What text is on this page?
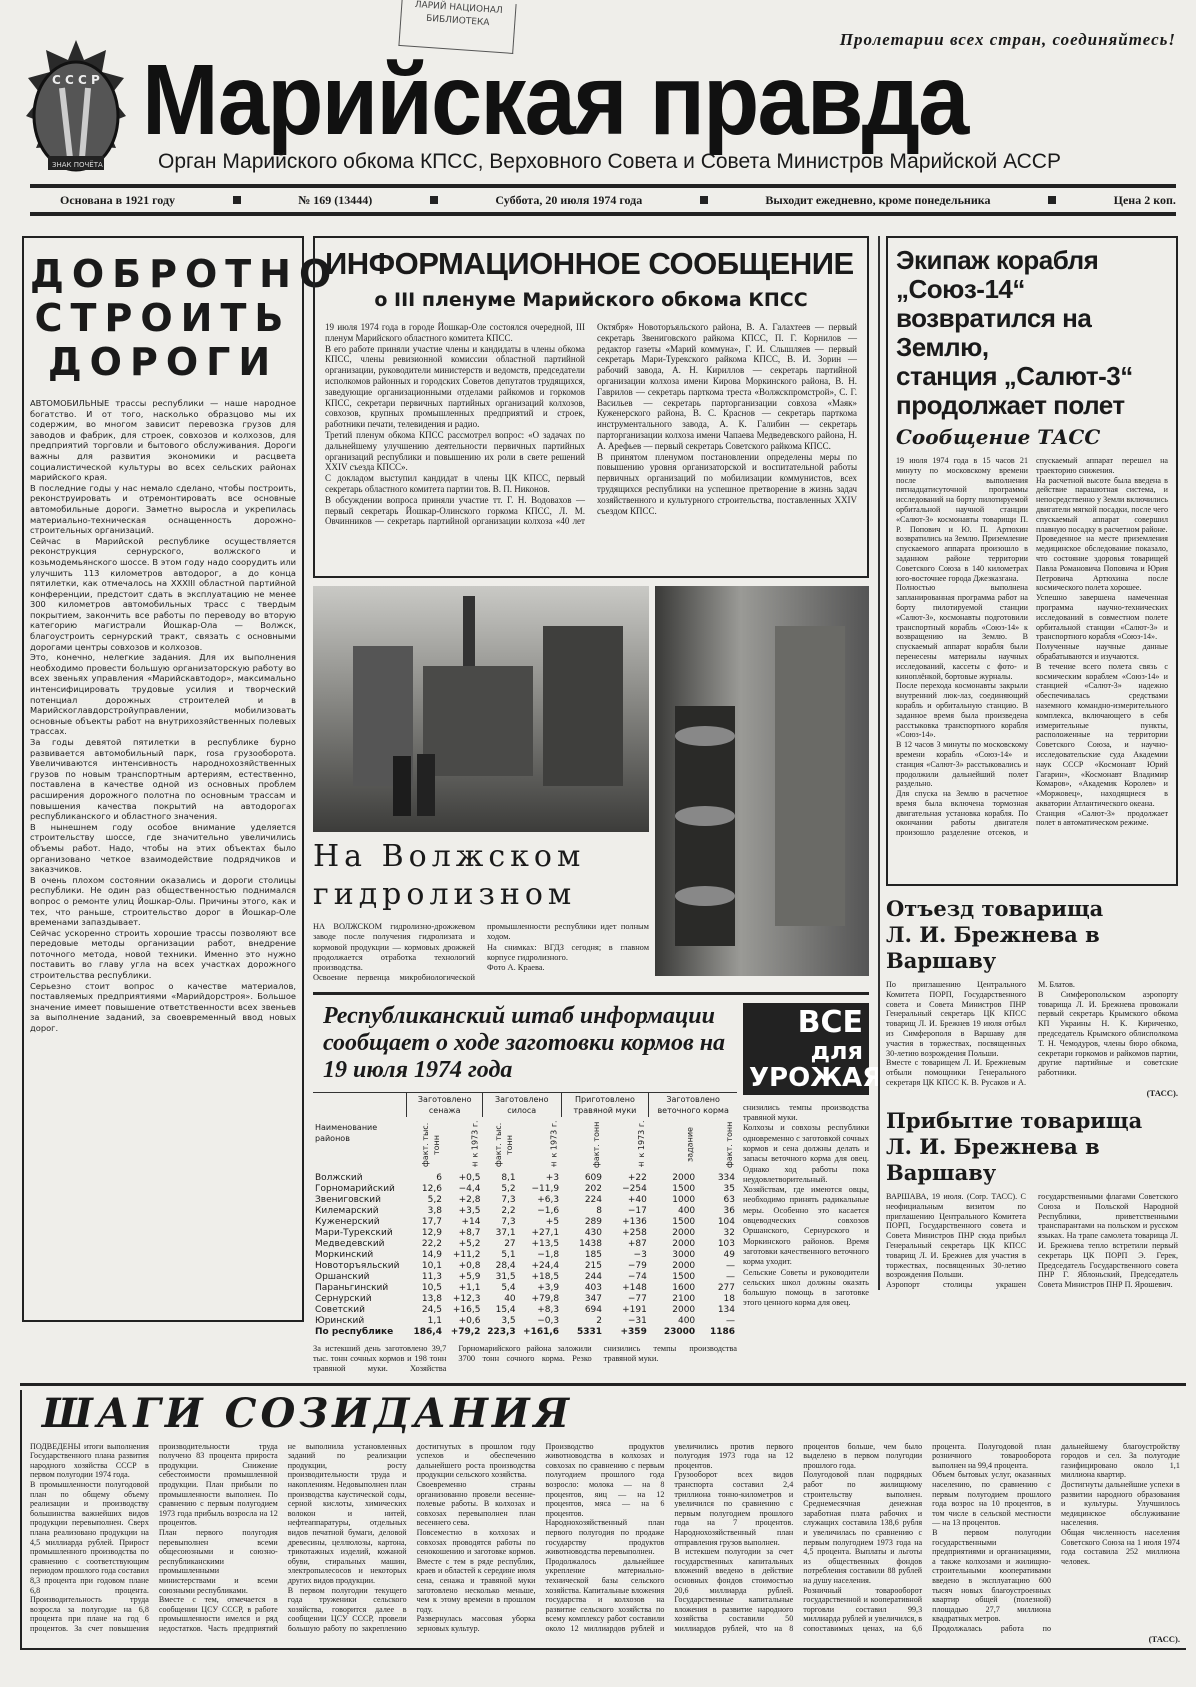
ЛАРИЙ НАЦИОНАЛ БИБЛИОТЕКА
Пролетарии всех стран, соединяйтесь!
С С С Р
ЗНАК ПОЧЁТА
Марийская правда
Орган Марийского обкома КПСС, Верховного Совета и Совета Министров Марийской АССР
Основана в 1921 году	№ 169 (13444)	Суббота, 20 июля 1974 года	Выходит ежедневно, кроме понедельника	Цена 2 коп.
ДОБРОТНО
СТРОИТЬ
ДОРОГИ
АВТОМОБИЛЬНЫЕ трассы республики — наше народное богатство. И от того, насколько образцово мы их содержим, во многом зависит перевозка грузов для заводов и фабрик, для строек, совхозов и колхозов, для предприятий торговли и бытового обслуживания. Дороги важны для развития экономики и расцвета социалистической культуры во всех сельских районах марийского края.
В последние годы у нас немало сделано, чтобы построить, реконструировать и отремонтировать все основные автомобильные дороги. Заметно выросла и укрепилась материально-техническая оснащенность дорожно-строительных организаций.
Сейчас в Марийской республике осуществляется реконструкция сернурского, волжского и козьмодемьянского шоссе. В этом году надо соорудить или улучшить 113 километров автодорог, а до конца пятилетки, как отмечалось на XXXIII областной партийной конференции, предстоит сдать в эксплуатацию не менее 300 километров автомобильных трасс с твердым покрытием, закончить все работы по переводу во вторую категорию магистрали Йошкар-Ола — Волжск, благоустроить сернурский тракт, связать с основными дорогами центры совхозов и колхозов.
Это, конечно, нелегкие задания. Для их выполнения необходимо провести большую организаторскую работу во всех звеньях управления «Марийскавтодор», максимально интенсифицировать трудовые усилия и творческий потенциал дорожных строителей и в Марийскоглавдорстройуправлении, мобилизовать основные объекты работ на внутрихозяйственных полевых трассах.
За годы девятой пятилетки в республике бурно развивается автомобильный парк, rosa грузооборота. Увеличиваются интенсивность народнохозяйственных грузов по новым транспортным артериям, естественно, поставлена в качестве одной из основных проблем расширения дорожного полотна по основным трассам и повышения качества покрытий на автодорогах республиканского и областного значения.
В нынешнем году особое внимание уделяется строительству шоссе, где значительно увеличились объемы работ. Надо, чтобы на этих объектах было организовано четкое взаимодействие подрядчиков и заказчиков.
В очень плохом состоянии оказались и дороги столицы республики. Не один раз общественностью поднимался вопрос о ремонте улиц Йошкар-Олы. Причины этого, как и тех, что раньше, строительство дорог в Йошкар-Оле временами запаздывает.
Сейчас ускоренно строить хорошие трассы позволяют все передовые методы организации работ, внедрение поточного метода, новой техники. Именно это нужно поставить во главу угла на всех участках дорожного строительства республики.
Серьезно стоит вопрос о качестве материалов, поставляемых предприятиями «Марийдорстроя». Большое значение имеет повышение ответственности всех звеньев за выполнение заданий, за своевременный ввод новых дорог.
ИНФОРМАЦИОННОЕ СООБЩЕНИЕ
о III пленуме Марийского обкома КПСС
19 июля 1974 года в городе Йошкар-Оле состоялся очередной, III пленум Марийского областного комитета КПСС.
В его работе приняли участие члены и кандидаты в члены обкома КПСС, члены ревизионной комиссии областной партийной организации, руководители министерств и ведомств, председатели исполкомов районных и городских Советов депутатов трудящихся, заведующие организационными отделами райкомов и горкомов КПСС, секретари первичных партийных организаций колхозов, совхозов, крупных промышленных предприятий и строек, работники печати, телевидения и радио.
Третий пленум обкома КПСС рассмотрел вопрос: «О задачах по дальнейшему улучшению деятельности первичных партийных организаций республики и повышению их роли в свете решений XXIV съезда КПСС».
С докладом выступил кандидат в члены ЦК КПСС, первый секретарь областного комитета партии тов. В. П. Никонов.
В обсуждении вопроса приняли участие тт. Г. Н. Водовахов — первый секретарь Йошкар-Олинского горкома КПСС, Л. М. Овчинников — секретарь партийной организации колхоза «40 лет Октября» Новоторъяльского района, В. А. Галахтеев — первый секретарь Звениговского райкома КПСС, П. Г. Корнилов — редактор газеты «Марий коммуна», Г. И. Слышляев — первый секретарь Мари-Турекского райкома КПСС, В. И. Зорин — рабочий завода, А. Н. Кириллов — секретарь партийной организации колхоза имени Кирова Моркинского района, В. Н. Гаврилов — секретарь парткома треста «Волжскпромстрой», С. Г. Васильев — секретарь парторганизации совхоза «Маяк» Куженерского района, В. С. Краснов — секретарь парткома инструментального завода, А. К. Галибин — секретарь парторганизации колхоза имени Чапаева Медведевского района, Н. А. Арефьев — первый секретарь Советского райкома КПСС.
В принятом пленумом постановлении определены меры по повышению уровня организаторской и воспитательной работы первичных организаций по мобилизации коммунистов, всех трудящихся республики на успешное претворение в жизнь задач хозяйственного и культурного строительства, поставленных XXIV съездом КПСС.
На Волжском
гидролизном
НА ВОЛЖСКОМ гидролизно-дрожжевом заводе после получения гидролизата и кормовой продукции — кормовых дрожжей продолжается отработка технологий производства.
Освоение первенца микробиологической промышленности республики идет полным ходом.
На снимках: ВГДЗ сегодня; в главном корпусе гидролизного.
Фото А. Краева.
Республиканский штаб информации сообщает о ходе заготовки кормов на 19 июля 1974 года
Наименование районов	Заготовлено сенажа		Заготовлено силоса		Приготовлено травяной муки		Заготовлено веточного корма	
	факт. тыс. тонн	± к 1973 г.	факт. тыс. тонн	± к 1973 г.	факт. тонн	± к 1973 г.	задание	факт. тонн
Волжский	6	+0,5	8,1	+3	609	+22	2000	334
Горномарийский	12,6	−4,4	5,2	−11,9	202	−254	1500	35
Звениговский	5,2	+2,8	7,3	+6,3	224	+40	1000	63
Килемарский	3,8	+3,5	2,2	−1,6	8	−17	400	36
Куженерский	17,7	+14	7,3	+5	289	+136	1500	104
Мари-Турекский	12,9	+8,7	37,1	+27,1	430	+258	2000	32
Медведевский	22,2	+5,2	27	+13,5	1438	+87	2000	103
Моркинский	14,9	+11,2	5,1	−1,8	185	−3	3000	49
Новоторъяльский	10,1	+0,8	28,4	+24,4	215	−79	2000	—
Оршанский	11,3	+5,9	31,5	+18,5	244	−74	1500	—
Параньгинский	10,5	+1,1	5,4	+3,9	403	+148	1600	277
Сернурский	13,8	+12,3	40	+79,8	347	−77	2100	18
Советский	24,5	+16,5	15,4	+8,3	694	+191	2000	134
Юринский	1,1	+0,6	3,5	−0,3	2	−31	400	—
По республике	186,4	+79,2	223,3	+161,6	5331	+359	23000	1186
За истекший день заготовлено 39,7 тыс. тонн сочных кормов и 198 тонн травяной муки. Хозяйства Горномарийского района заложили 3700 тонн сочного корма. Резко снизились темпы производства травяной муки.
ВСЕ
для
УРОЖАЯ
снизились темпы производства травяной муки.
Колхозы и совхозы республики одновременно с заготовкой сочных кормов и сена должны делать и запасы веточного корма для овец. Однако ход работы пока неудовлетворительный. Хозяйствам, где имеются овцы, необходимо принять радикальные меры. Особенно это касается овцеводческих совхозов Оршанского, Сернурского и Моркинского районов. Время заготовки качественного веточного корма уходит.
Сельские Советы и руководители сельских школ должны оказать большую помощь в заготовке этого ценного корма для овец.
Экипаж корабля „Союз-14“
возвратился на Землю,
станция „Салют-3“
продолжает полет
Сообщение ТАСС
19 июля 1974 года в 15 часов 21 минуту по московскому времени после выполнения пятнадцатисуточной программы исследований на борту пилотируемой орбитальной научной станции «Салют-3» космонавты товарищи П. Р. Попович и Ю. П. Артюхин возвратились на Землю. Приземление спускаемого аппарата произошло в заданном районе территории Советского Союза в 140 километрах юго-восточнее города Джезказгана.
Полностью выполнена запланированная программа работ на борту пилотируемой станции «Салют-3», космонавты подготовили транспортный корабль «Союз-14» к возвращению на Землю. В спускаемый аппарат корабля были перенесены материалы научных исследований, кассеты с фото- и киноплёнкой, бортовые журналы.
После перехода космонавты закрыли внутренний люк-лаз, соединяющий корабль и орбитальную станцию. В заданное время была произведена расстыковка транспортного корабля «Союз-14».
В 12 часов 3 минуты по московскому времени корабль «Союз-14» и станция «Салют-3» расстыковались и продолжили дальнейший полет раздельно.
Для спуска на Землю в расчетное время была включена тормозная двигательная установка корабля. По окончании работы двигателя произошло разделение отсеков, и спускаемый аппарат перешел на траекторию снижения.
На расчетной высоте была введена в действие парашютная система, и непосредственно у Земли включились двигатели мягкой посадки, после чего спускаемый аппарат совершил плавную посадку в расчетном районе.
Проведенное на месте приземления медицинское обследование показало, что состояние здоровья товарищей Павла Романовича Поповича и Юрия Петровича Артюхина после космического полета хорошее.
Успешно завершена намеченная программа научно-технических исследований в совместном полете орбитальной станции «Салют-3» и транспортного корабля «Союз-14».
Полученные научные данные обрабатываются и изучаются.
В течение всего полета связь с космическим кораблем «Союз-14» и станцией «Салют-3» надежно обеспечивалась средствами наземного командно-измерительного комплекса, включающего в себя измерительные пункты, расположенные на территории Советского Союза, и научно-исследовательские суда Академии наук СССР «Космонавт Юрий Гагарин», «Космонавт Владимир Комаров», «Академик Королев» и «Моржовец», находящиеся в акватории Атлантического океана.
Станция «Салют-3» продолжает полет в автоматическом режиме.
Отъезд товарища
Л. И. Брежнева в Варшаву
По приглашению Центрального Комитета ПОРП, Государственного совета и Совета Министров ПНР Генеральный секретарь ЦК КПСС товарищ Л. И. Брежнев 19 июля отбыл из Симферополя в Варшаву для участия в торжествах, посвященных 30-летию возрождения Польши.
Вместе с товарищем Л. И. Брежневым отбыли помощники Генерального секретаря ЦК КПСС К. В. Русаков и А. М. Блатов.
В Симферопольском аэропорту товарища Л. И. Брежнева провожали первый секретарь Крымского обкома КП Украины Н. К. Кириченко, председатель Крымского облисполкома Т. Н. Чемодуров, члены бюро обкома, секретари горкомов и райкомов партии, другие партийные и советские работники.
(ТАСС).
Прибытие товарища
Л. И. Брежнева в Варшаву
ВАРШАВА, 19 июля. (Corр. ТАСС). С неофициальным визитом по приглашению Центрального Комитета ПОРП, Государственного совета и Совета Министров ПНР сюда прибыл Генеральный секретарь ЦК КПСС товарищ Л. И. Брежнев для участия в торжествах, посвященных 30-летию возрождения Польши.
Аэропорт столицы украшен государственными флагами Советского Союза и Польской Народной Республики, приветственными транспарантами на польском и русском языках. На трапе самолета товарища Л. И. Брежнева тепло встретили первый секретарь ЦК ПОРП Э. Герек, Председатель Государственного совета ПНР Г. Яблоньский, Председатель Совета Министров ПНР П. Ярошевич.
ШАГИ СОЗИДАНИЯ
ПОДВЕДЕНЫ итоги выполнения Государственного плана развития народного хозяйства СССР в первом полугодии 1974 года.
В промышленности полугодовой план по общему объему реализации и производству большинства важнейших видов продукции перевыполнен. Сверх плана реализовано продукции на 4,5 миллиарда рублей. Прирост промышленного производства по сравнению с соответствующим периодом прошлого года составил 8,3 процента при годовом плане 6,8 процента. Производительность труда возросла за полугодие на 6,8 процента при плане на год 6 процентов. За счет повышения производительности труда получено 83 процента прироста продукции. Снижение себестоимости промышленной продукции. План прибыли по промышленности выполнен. По сравнению с первым полугодием 1973 года прибыль возросла на 12 процентов.
План первого полугодия перевыполнен всеми общесоюзными и союзно-республиканскими промышленными министерствами и всеми союзными республиками.
Вместе с тем, отмечается в сообщении ЦСУ СССР, в работе промышленности имелся и ряд недостатков. Часть предприятий не выполнила установленных заданий по реализации продукции, росту производительности труда и накоплениям. Недовыполнен план производства каустической соды, серной кислоты, химических волокон и нитей, нефтеаппаратуры, отдельных видов печатной бумаги, деловой древесины, целлюлозы, картона, трикотажных изделий, кожаной обуви, стиральных машин, электропылесосов и некоторых других видов продукции.
В первом полугодии текущего года труженики сельского хозяйства, говорится далее в сообщении ЦСУ СССР, провели большую работу по закреплению достигнутых в прошлом году успехов и обеспечению дальнейшего роста производства продукции сельского хозяйства.
Своевременно страны организованно провели весенне-полевые работы. В колхозах и совхозах перевыполнен план весеннего сева.
Повсеместно в колхозах и совхозах проводятся работы по сенокошению и заготовке кормов. Вместе с тем в ряде республик, краев и областей к середине июля сена, сенажа и травяной муки заготовлено несколько меньше, чем к этому времени в прошлом году.
Развернулась массовая уборка зерновых культур.
Производство продуктов животноводства в колхозах и совхозах по сравнению с первым полугодием прошлого года возросло: молока — на 8 процентов, яиц — на 12 процентов, мяса — на 6 процентов.
Народнохозяйственный план первого полугодия по продаже государству продуктов животноводства перевыполнен.
Продолжалось дальнейшее укрепление материально-технической базы сельского хозяйства. Капитальные вложения государства и колхозов на развитие сельского хозяйства по всему комплексу работ составили около 12 миллиардов рублей и увеличились против первого полугодия 1973 года на 12 процентов.
Грузооборот всех видов транспорта составил 2,4 триллиона тонно-километров и увеличился по сравнению с первым полугодием прошлого года на 7 процентов. Народнохозяйственный план отправления грузов выполнен.
В истекшем полугодии за счет государственных капитальных вложений введено в действие основных фондов стоимостью 20,6 миллиарда рублей. Государственные капитальные вложения в развитие народного хозяйства составили 50 миллиардов рублей, что на 8 процентов больше, чем было выделено в первом полугодии прошлого года.
Полугодовой план подрядных работ по жилищному строительству выполнен. Среднемесячная денежная заработная плата рабочих и служащих составила 138,6 рубля и увеличилась по сравнению с первым полугодием 1973 года на 4,5 процента. Выплаты и льготы из общественных фондов потребления составили 88 рублей на душу населения.
Розничный товарооборот государственной и кооперативной торговли составил 99,3 миллиарда рублей и увеличился, в сопоставимых ценах, на 6,6 процента. Полугодовой план розничного товарооборота выполнен на 99,4 процента.
Объем бытовых услуг, оказанных населению, по сравнению с первым полугодием прошлого года возрос на 10 процентов, в том числе в сельской местности — на 13 процентов.
В первом полугодии государственными предприятиями и организациями, а также колхозами и жилищно-строительными кооперативами введено в эксплуатацию 600 тысяч новых благоустроенных квартир общей (полезной) площадью 27,7 миллиона квадратных метров.
Продолжалась работа по дальнейшему благоустройству городов и сел. За полугодие газифицировано около 1,1 миллиона квартир.
Достигнуты дальнейшие успехи в развитии народного образования и культуры. Улучшилось медицинское обслуживание населения.
Общая численность населения Советского Союза на 1 июля 1974 года составила 252 миллиона человек.
(ТАСС).
